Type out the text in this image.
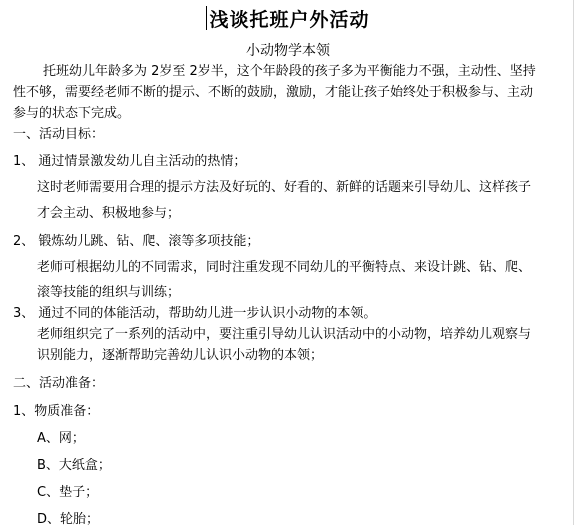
浅谈托班户外活动
小动物学本领
托班幼儿年龄多为 2岁至 2岁半，这个年龄段的孩子多为平衡能力不强，主动性、坚持
性不够，需要经老师不断的提示、不断的鼓励，激励，才能让孩子始终处于积极参与、主动
参与的状态下完成。
一、活动目标：
1、 通过情景激发幼儿自主活动的热情；
这时老师需要用合理的提示方法及好玩的、好看的、新鲜的话题来引导幼儿、这样孩子
才会主动、积极地参与；
2、 锻炼幼儿跳、钻、爬、滚等多项技能；
老师可根据幼儿的不同需求，同时注重发现不同幼儿的平衡特点、来设计跳、钻、爬、
滚等技能的组织与训练；
3、 通过不同的体能活动，帮助幼儿进一步认识小动物的本领。
老师组织完了一系列的活动中，要注重引导幼儿认识活动中的小动物，培养幼儿观察与
识别能力，逐渐帮助完善幼儿认识小动物的本领；
二、活动准备：
1、物质准备：
A、网；
B、大纸盒；
C、垫子；
D、轮胎；
